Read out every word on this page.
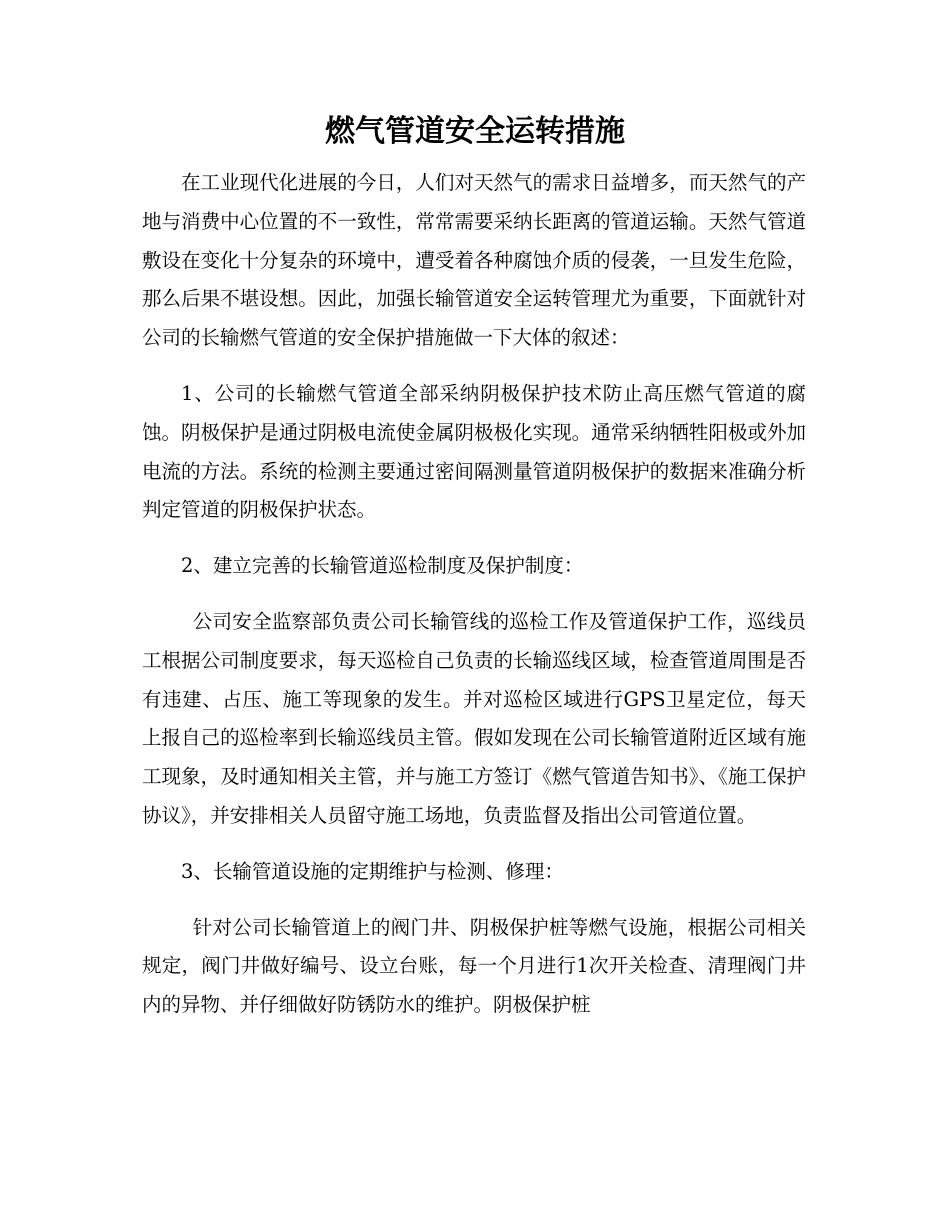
燃气管道安全运转措施

在工业现代化进展的今日，人们对天然气的需求日益增多，而天然气的产地与消费中心位置的不一致性，常常需要采纳长距离的管道运输。天然气管道敷设在变化十分复杂的环境中，遭受着各种腐蚀介质的侵袭，一旦发生危险，那么后果不堪设想。因此，加强长输管道安全运转管理尤为重要，下面就针对公司的长输燃气管道的安全保护措施做一下大体的叙述：

1、公司的长输燃气管道全部采纳阴极保护技术防止高压燃气管道的腐蚀。阴极保护是通过阴极电流使金属阴极极化实现。通常采纳牺牲阳极或外加电流的方法。系统的检测主要通过密间隔测量管道阴极保护的数据来准确分析判定管道的阴极保护状态。

2、建立完善的长输管道巡检制度及保护制度：

公司安全监察部负责公司长输管线的巡检工作及管道保护工作，巡线员工根据公司制度要求，每天巡检自己负责的长输巡线区域，检查管道周围是否有违建、占压、施工等现象的发生。并对巡检区域进行GPS卫星定位，每天上报自己的巡检率到长输巡线员主管。假如发现在公司长输管道附近区域有施工现象，及时通知相关主管，并与施工方签订《燃气管道告知书》、《施工保护协议》，并安排相关人员留守施工场地，负责监督及指出公司管道位置。

3、长输管道设施的定期维护与检测、修理：

针对公司长输管道上的阀门井、阴极保护桩等燃气设施，根据公司相关规定，阀门井做好编号、设立台账，每一个月进行1次开关检查、清理阀门井内的异物、并仔细做好防锈防水的维护。阴极保护桩
